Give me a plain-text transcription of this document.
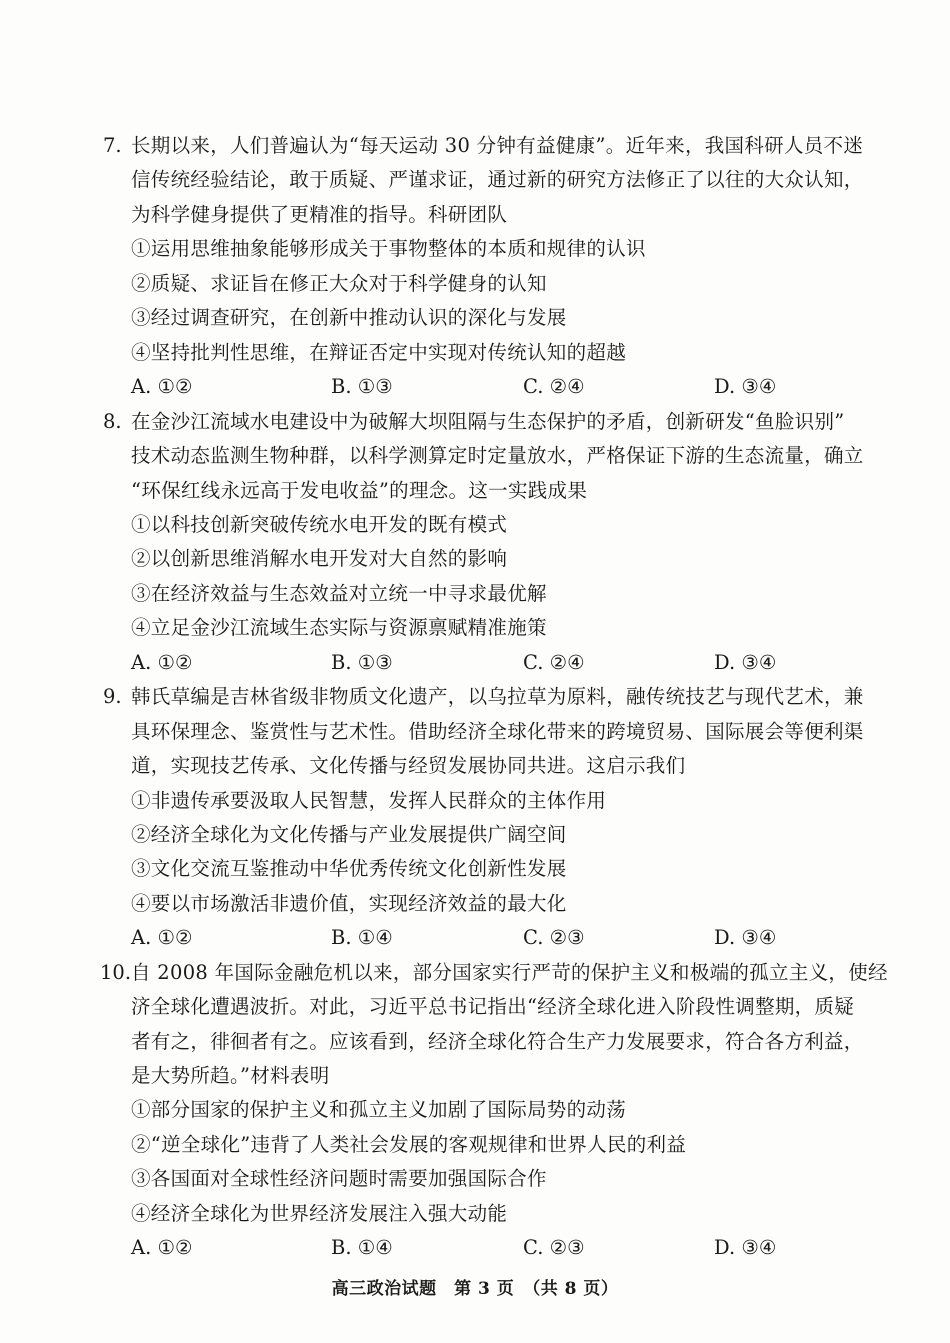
7. 长期以来，人们普遍认为“每天运动 30 分钟有益健康”。近年来，我国科研人员不迷
信传统经验结论，敢于质疑、严谨求证，通过新的研究方法修正了以往的大众认知，
为科学健身提供了更精准的指导。科研团队
①运用思维抽象能够形成关于事物整体的本质和规律的认识
②质疑、求证旨在修正大众对于科学健身的认知
③经过调查研究，在创新中推动认识的深化与发展
④坚持批判性思维，在辩证否定中实现对传统认知的超越
A. ①②	B. ①③	C. ②④	D. ③④
8. 在金沙江流域水电建设中为破解大坝阻隔与生态保护的矛盾，创新研发“鱼脸识别”
技术动态监测生物种群，以科学测算定时定量放水，严格保证下游的生态流量，确立
“环保红线永远高于发电收益”的理念。这一实践成果
①以科技创新突破传统水电开发的既有模式
②以创新思维消解水电开发对大自然的影响
③在经济效益与生态效益对立统一中寻求最优解
④立足金沙江流域生态实际与资源禀赋精准施策
A. ①②	B. ①③	C. ②④	D. ③④
9. 韩氏草编是吉林省级非物质文化遗产，以乌拉草为原料，融传统技艺与现代艺术，兼
具环保理念、鉴赏性与艺术性。借助经济全球化带来的跨境贸易、国际展会等便利渠
道，实现技艺传承、文化传播与经贸发展协同共进。这启示我们
①非遗传承要汲取人民智慧，发挥人民群众的主体作用
②经济全球化为文化传播与产业发展提供广阔空间
③文化交流互鉴推动中华优秀传统文化创新性发展
④要以市场激活非遗价值，实现经济效益的最大化
A. ①②	B. ①④	C. ②③	D. ③④
10. 自 2008 年国际金融危机以来，部分国家实行严苛的保护主义和极端的孤立主义，使经
济全球化遭遇波折。对此，习近平总书记指出“经济全球化进入阶段性调整期，质疑
者有之，徘徊者有之。应该看到，经济全球化符合生产力发展要求，符合各方利益，
是大势所趋。”材料表明
①部分国家的保护主义和孤立主义加剧了国际局势的动荡
②“逆全球化”违背了人类社会发展的客观规律和世界人民的利益
③各国面对全球性经济问题时需要加强国际合作
④经济全球化为世界经济发展注入强大动能
A. ①②	B. ①④	C. ②③	D. ③④
高三政治试题　第 3 页　（共 8 页）
